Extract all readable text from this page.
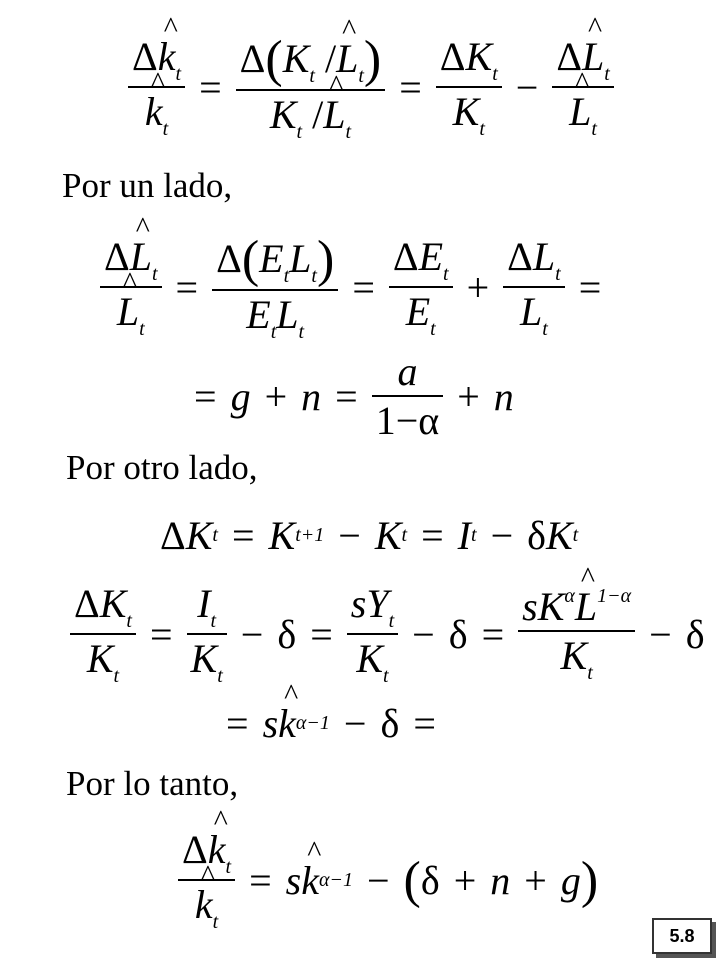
Δ^ $k_t$
^ $k_t = \frac{\Delta(K_t /\^{} L_t)}{K_t /\^{} L_t} = \frac{\Delta K_t}{K_t}$ − Δ^ $L_t$
^ $L_t$
Por un lado,
Δ^ $L_t$
^ $L_t = \frac{\Delta(E_tL_t)}{E_tL_t} = \frac{\Delta E_t}{E_t} + \frac{\Delta L_t}{L_t}$ =
= $g + n = \frac{a}{1-\alpha} + n$
Por otro lado,
Δ K t = K t+1 − K t = I t − δ K t
$\frac{\Delta K_t}{K_t} = \frac{I_t}{K_t} - \delta = \frac{sY_t}{K_t} - \delta = \frac{sK^\alpha\^{} L^{1-\alpha}}{K_t} - \delta$
= s ^ k α−1 − δ =
Por lo tanto,
Δ^ $k_t$
^ $k_t = s$ ^ k α−1 − ( δ + n + g )
5.8
